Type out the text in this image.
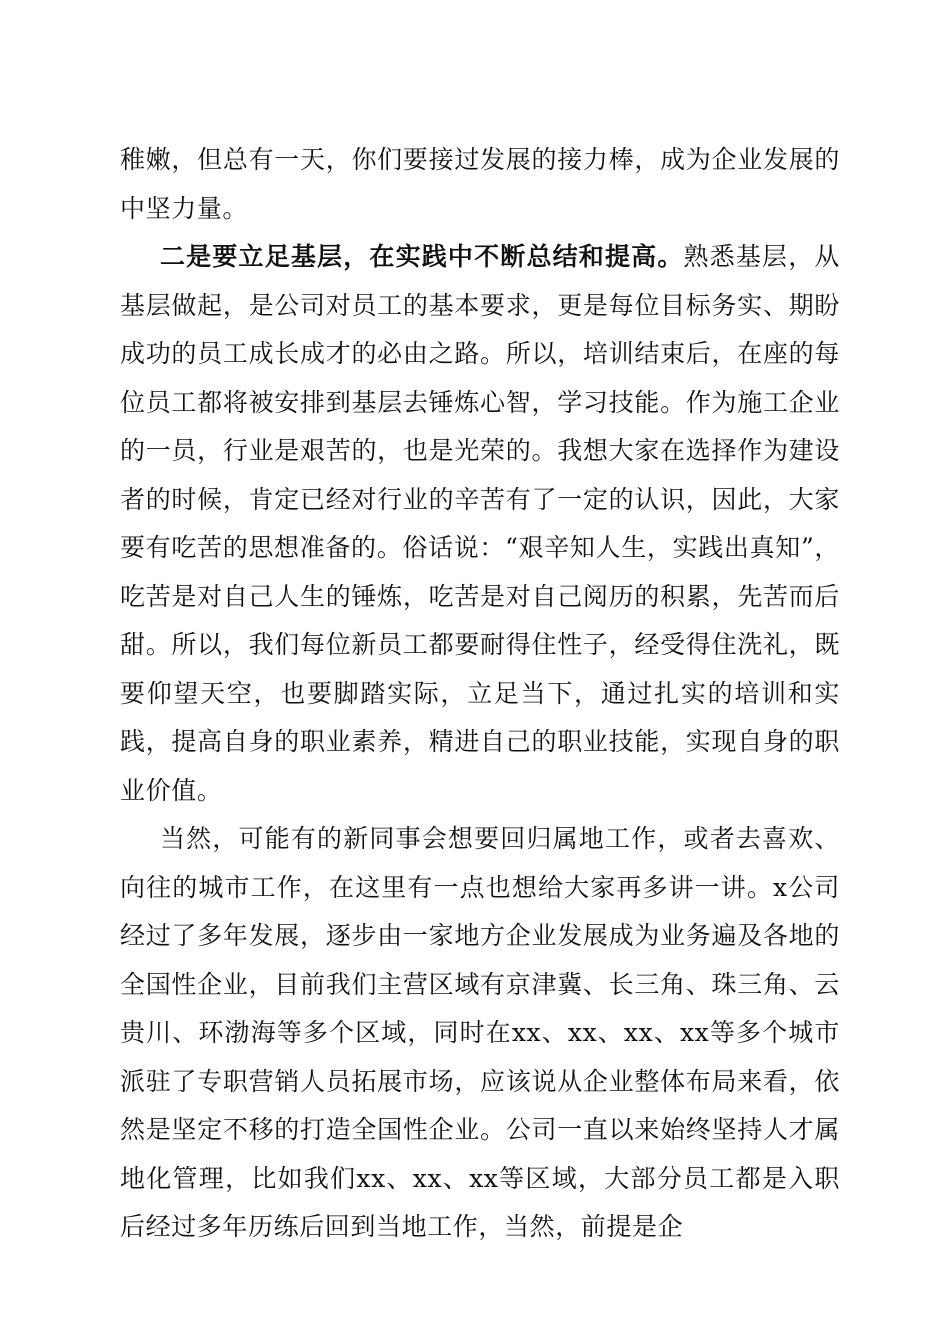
稚嫩，但总有一天，你们要接过发展的接力棒，成为企业发展的中坚力量。

二是要立足基层，在实践中不断总结和提高。熟悉基层，从基层做起，是公司对员工的基本要求，更是每位目标务实、期盼成功的员工成长成才的必由之路。所以，培训结束后，在座的每位员工都将被安排到基层去锤炼心智，学习技能。作为施工企业的一员，行业是艰苦的，也是光荣的。我想大家在选择作为建设者的时候，肯定已经对行业的辛苦有了一定的认识，因此，大家要有吃苦的思想准备的。俗话说：“艰辛知人生，实践出真知”，吃苦是对自己人生的锤炼，吃苦是对自己阅历的积累，先苦而后甜。所以，我们每位新员工都要耐得住性子，经受得住洗礼，既要仰望天空，也要脚踏实际，立足当下，通过扎实的培训和实践，提高自身的职业素养，精进自己的职业技能，实现自身的职业价值。

当然，可能有的新同事会想要回归属地工作，或者去喜欢、向往的城市工作，在这里有一点也想给大家再多讲一讲。x公司经过了多年发展，逐步由一家地方企业发展成为业务遍及各地的全国性企业，目前我们主营区域有京津冀、长三角、珠三角、云贵川、环渤海等多个区域，同时在xx、xx、xx、xx等多个城市派驻了专职营销人员拓展市场，应该说从企业整体布局来看，依然是坚定不移的打造全国性企业。公司一直以来始终坚持人才属地化管理，比如我们xx、xx、xx等区域，大部分员工都是入职后经过多年历练后回到当地工作，当然，前提是企
